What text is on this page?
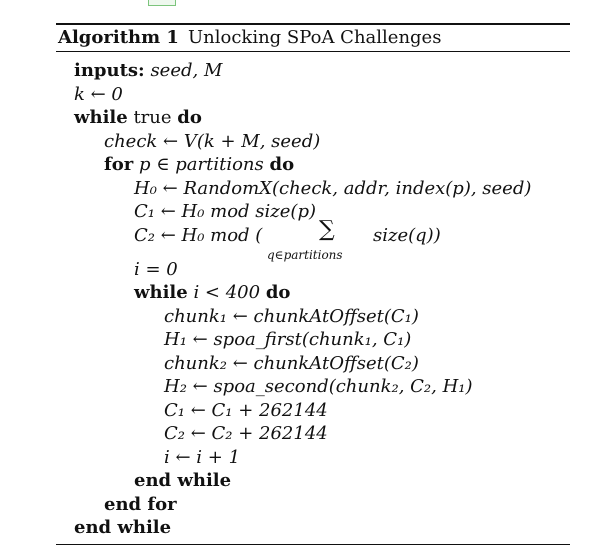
Algorithm 1 Unlocking SPoA Challenges
inputs: seed, M
k ← 0
while true do
check ← V(k + M, seed)
for p ∈ partitions do
H₀ ← RandomX(check, addr, index(p), seed)
C₁ ← H₀ mod size(p)
C₂ ← H₀ mod (	∑
q∈partitions
size(q))
i = 0
while i < 400 do
chunk₁ ← chunkAtOffset(C₁)
H₁ ← spoa_first(chunk₁, C₁)
chunk₂ ← chunkAtOffset(C₂)
H₂ ← spoa_second(chunk₂, C₂, H₁)
C₁ ← C₁ + 262144
C₂ ← C₂ + 262144
i ← i + 1
end while
end for
end while
